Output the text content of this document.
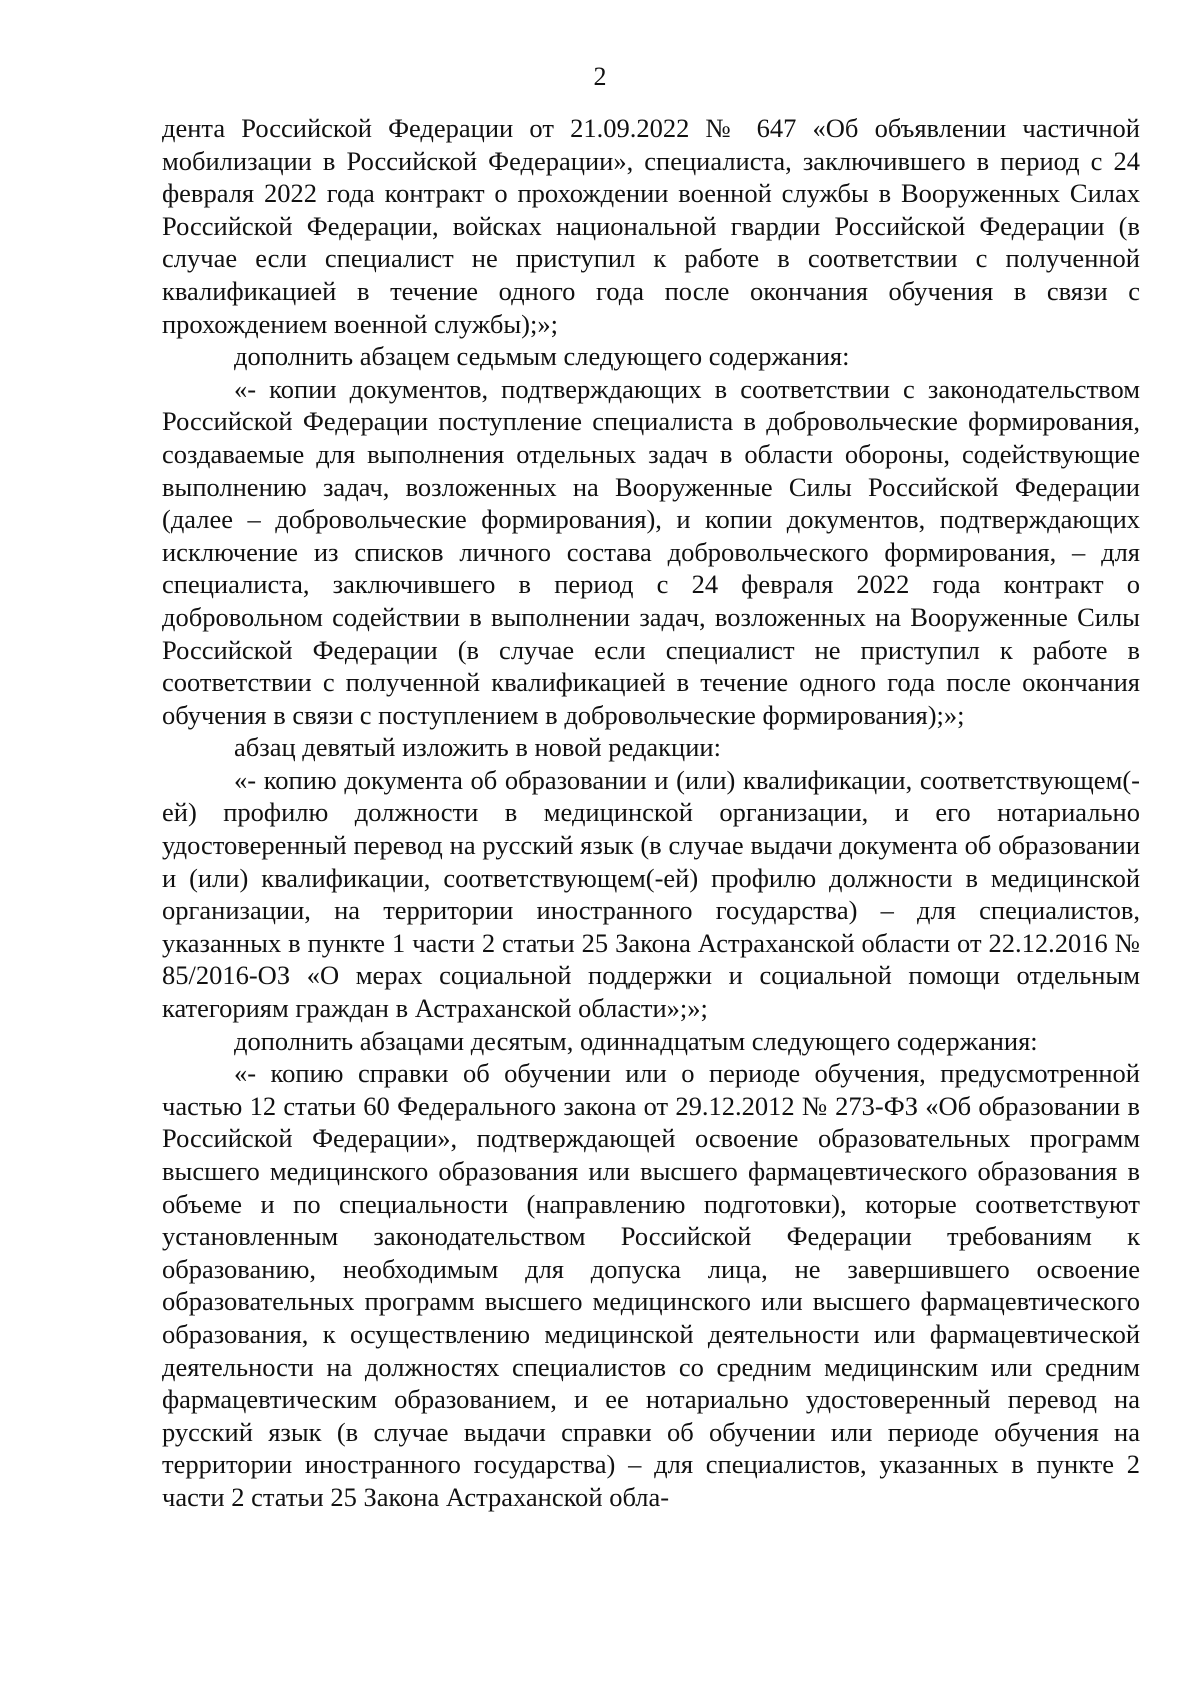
2

дента Российской Федерации от 21.09.2022 № 647 «Об объявлении частичной мобилизации в Российской Федерации», специалиста, заключившего в период с 24 февраля 2022 года контракт о прохождении военной службы в Вооруженных Силах Российской Федерации, войсках национальной гвардии Российской Федерации (в случае если специалист не приступил к работе в соответствии с полученной квалификацией в течение одного года после окончания обучения в связи с прохождением военной службы);»;

дополнить абзацем седьмым следующего содержания:

«- копии документов, подтверждающих в соответствии с законодательством Российской Федерации поступление специалиста в добровольческие формирования, создаваемые для выполнения отдельных задач в области обороны, содействующие выполнению задач, возложенных на Вооруженные Силы Российской Федерации (далее – добровольческие формирования), и копии документов, подтверждающих исключение из списков личного состава добровольческого формирования, – для специалиста, заключившего в период с 24 февраля 2022 года контракт о добровольном содействии в выполнении задач, возложенных на Вооруженные Силы Российской Федерации (в случае если специалист не приступил к работе в соответствии с полученной квалификацией в течение одного года после окончания обучения в связи с поступлением в добровольческие формирования);»;

абзац девятый изложить в новой редакции:

«- копию документа об образовании и (или) квалификации, соответствующем(-ей) профилю должности в медицинской организации, и его нотариально удостоверенный перевод на русский язык (в случае выдачи документа об образовании и (или) квалификации, соответствующем(-ей) профилю должности в медицинской организации, на территории иностранного государства) – для специалистов, указанных в пункте 1 части 2 статьи 25 Закона Астраханской области от 22.12.2016 № 85/2016-ОЗ «О мерах социальной поддержки и социальной помощи отдельным категориям граждан в Астраханской области»;»;

дополнить абзацами десятым, одиннадцатым следующего содержания:

«- копию справки об обучении или о периоде обучения, предусмотренной частью 12 статьи 60 Федерального закона от 29.12.2012 № 273-ФЗ «Об образовании в Российской Федерации», подтверждающей освоение образовательных программ высшего медицинского образования или высшего фармацевтического образования в объеме и по специальности (направлению подготовки), которые соответствуют установленным законодательством Российской Федерации требованиям к образованию, необходимым для допуска лица, не завершившего освоение образовательных программ высшего медицинского или высшего фармацевтического образования, к осуществлению медицинской деятельности или фармацевтической деятельности на должностях специалистов со средним медицинским или средним фармацевтическим образованием, и ее нотариально удостоверенный перевод на русский язык (в случае выдачи справки об обучении или периоде обучения на территории иностранного государства) – для специалистов, указанных в пункте 2 части 2 статьи 25 Закона Астраханской обла-
